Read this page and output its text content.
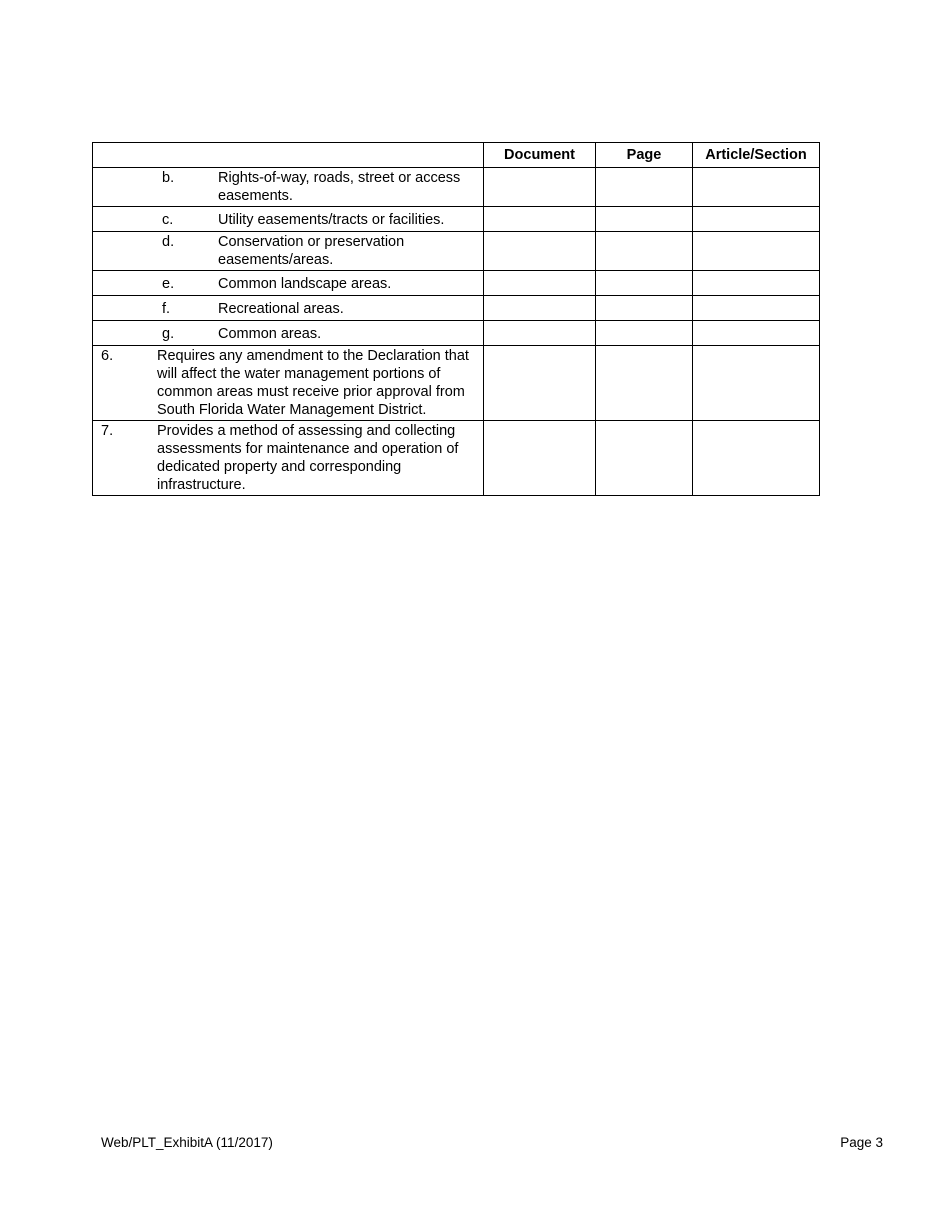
	Document	Page	Article/Section

b. Rights-of-way, roads, street or access easements.			

c. Utility easements/tracts or facilities.			

d. Conservation or preservation easements/areas.			

e. Common landscape areas.			

f. Recreational areas.			

g. Common areas.			

6. Requires any amendment to the Declaration that will affect the water management portions of common areas must receive prior approval from South Florida Water Management District.			

7. Provides a method of assessing and collecting assessments for maintenance and operation of dedicated property and corresponding infrastructure.			

Web/PLT_ExhibitA (11/2017)	Page 3
